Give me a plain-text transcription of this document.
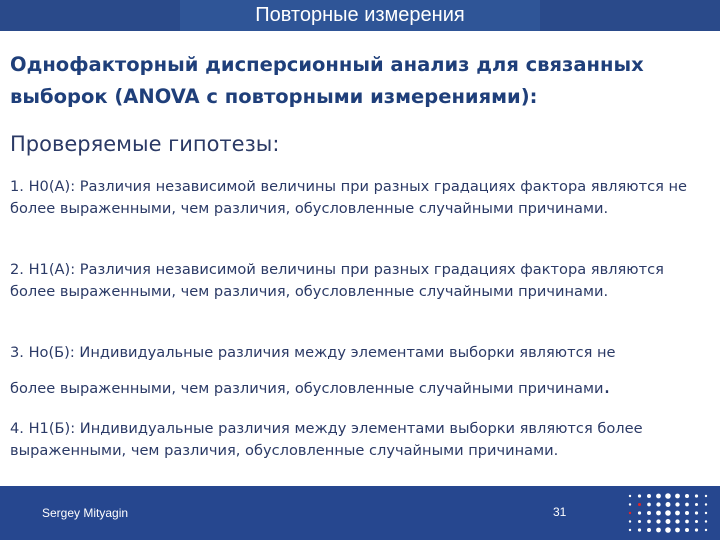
Повторные измерения
Однофакторный дисперсионный анализ для связанных
выборок (ANOVA с повторными измерениями):
Проверяемые гипотезы:
1. H0(A): Различия независимой величины при разных градациях фактора являются не более выраженными, чем различия, обусловленные случайными причинами.
2. H1(A): Различия независимой величины при разных градациях фактора являются более выраженными, чем различия, обусловленные случайными причинами.
3. Ho(Б): Индивидуальные различия между элементами выборки являются не
более выраженными, чем различия, обусловленные случайными причинами.
4. H1(Б): Индивидуальные различия между элементами выборки являются более выраженными, чем различия, обусловленные случайными причинами.
Sergey Mityagin	31
